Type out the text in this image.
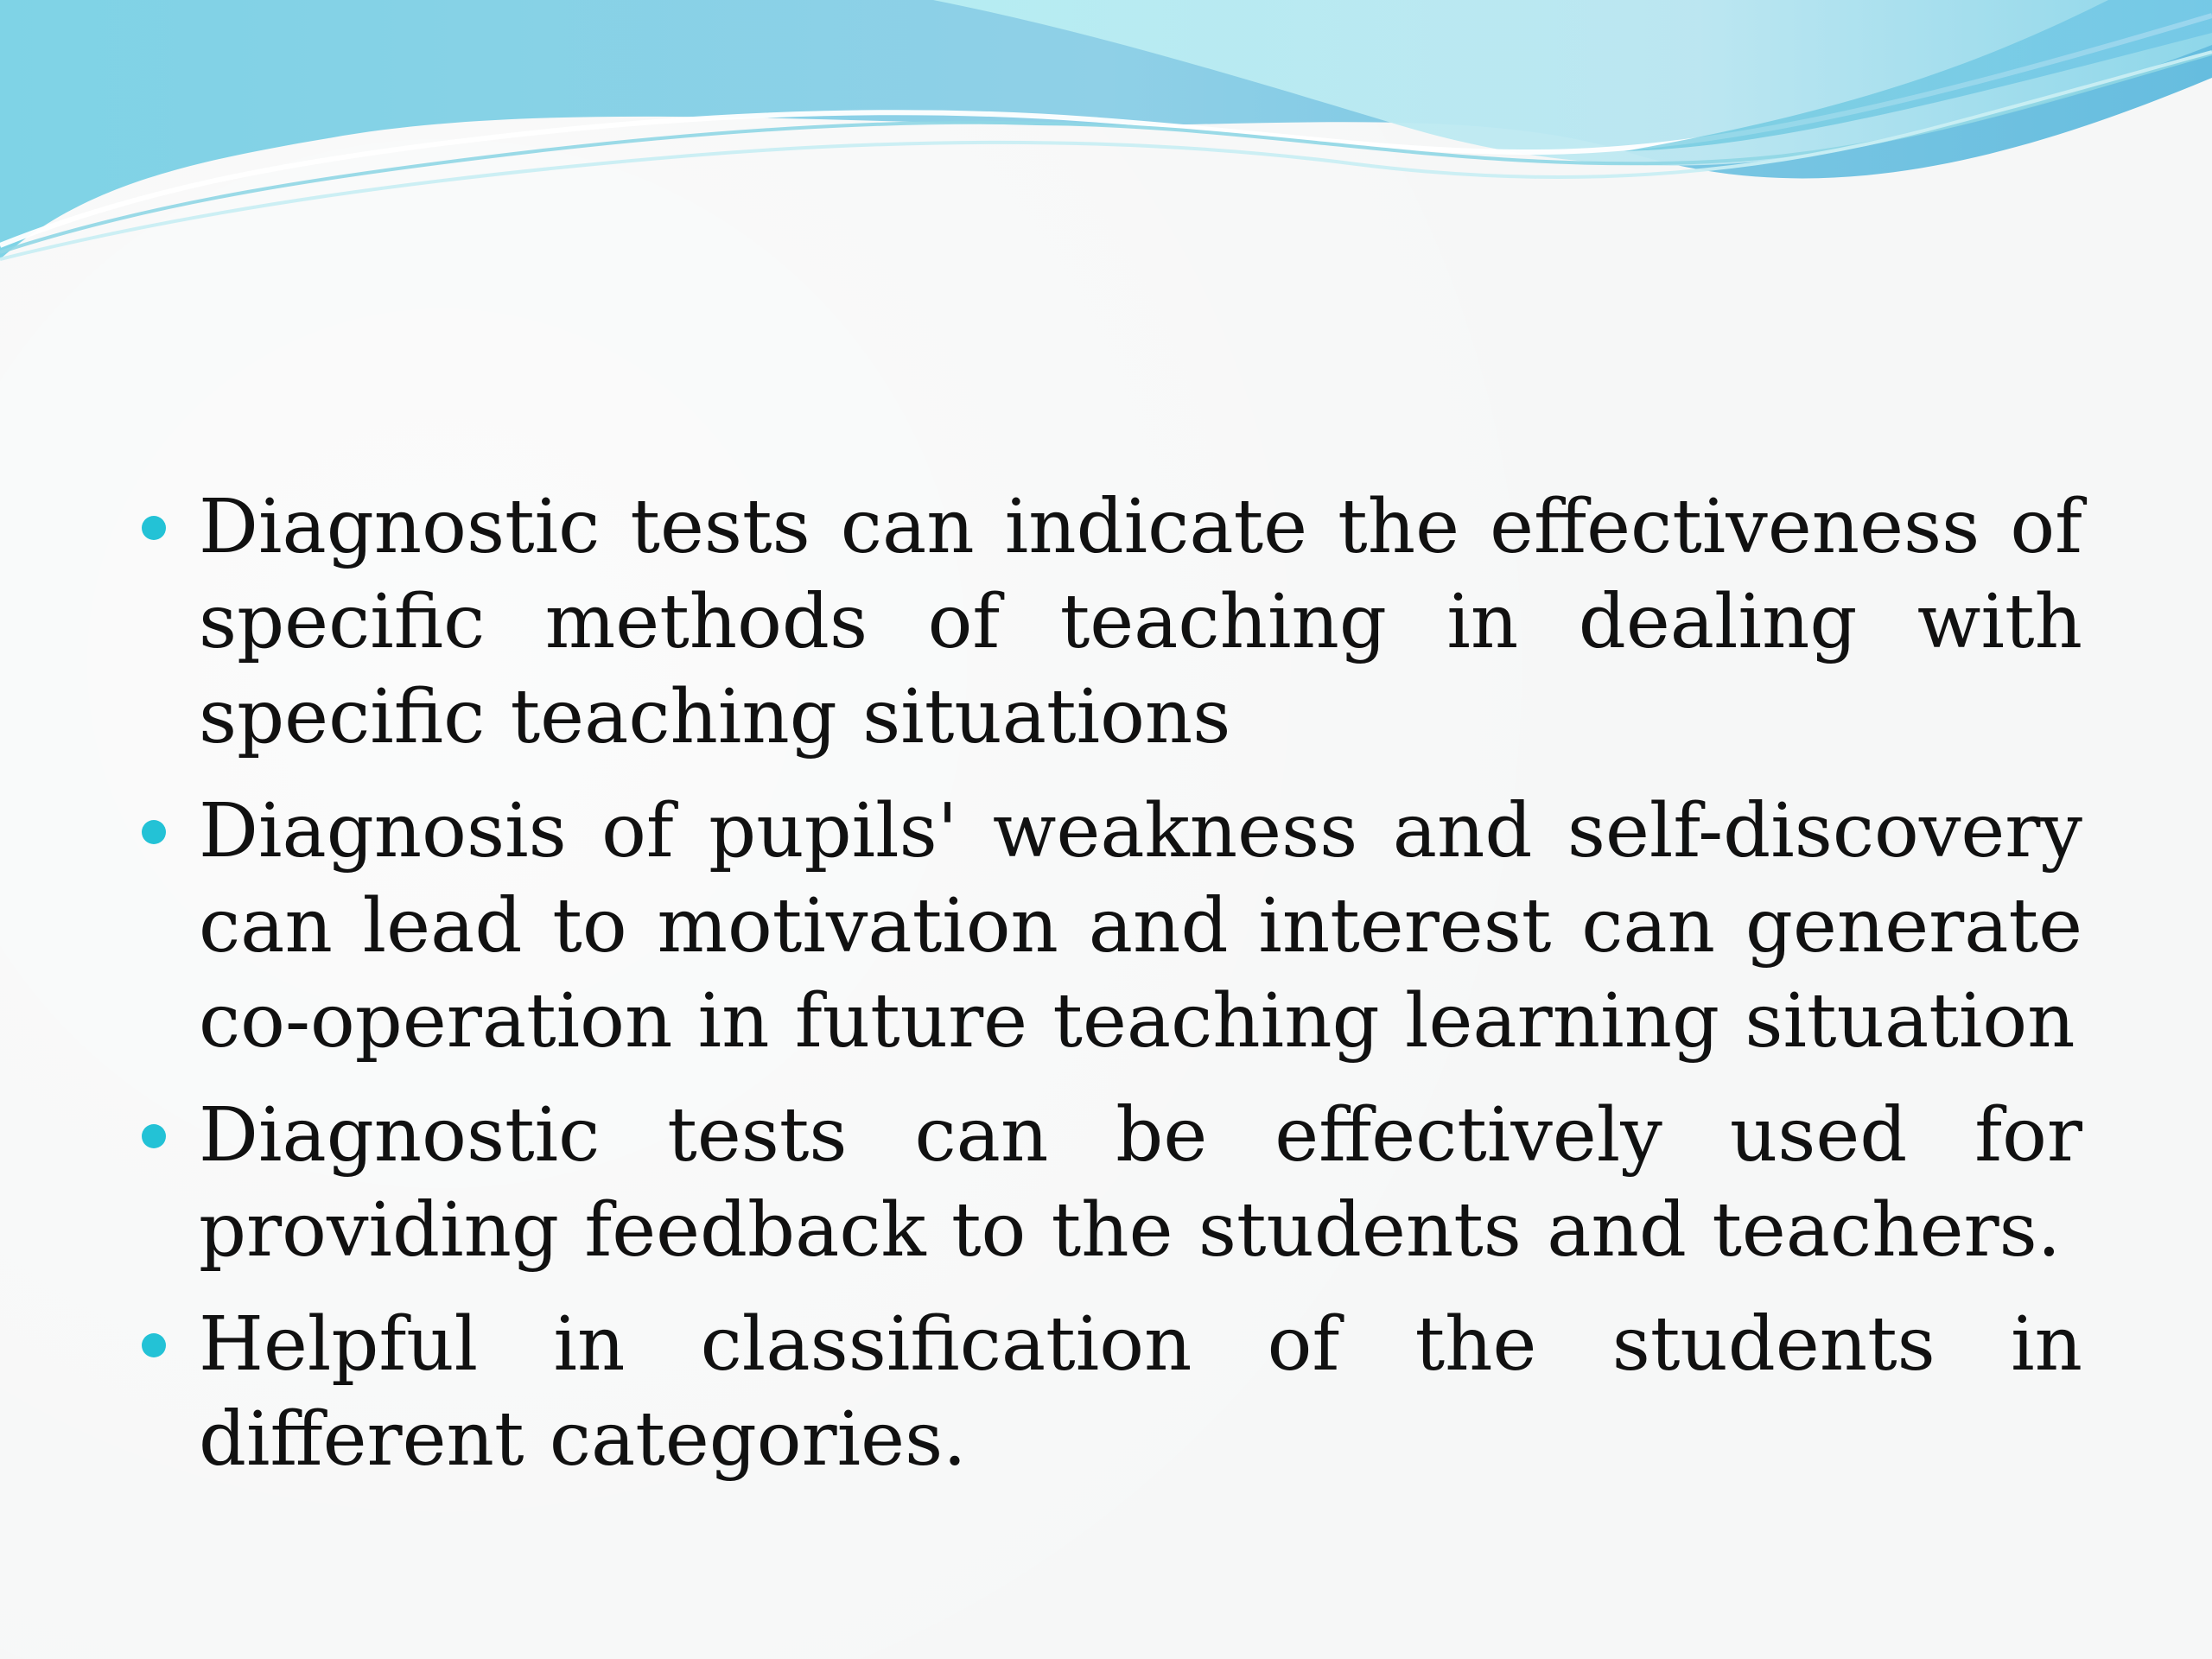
Diagnostic tests can indicate the effectiveness of specific methods of teaching in dealing with specific teaching situations
Diagnosis of pupils' weakness and self-discovery can lead to motivation and interest can generate co-operation in future teaching learning situation
Diagnostic tests can be effectively used for providing feedback to the students and teachers.
Helpful in classification of the students in different categories.
